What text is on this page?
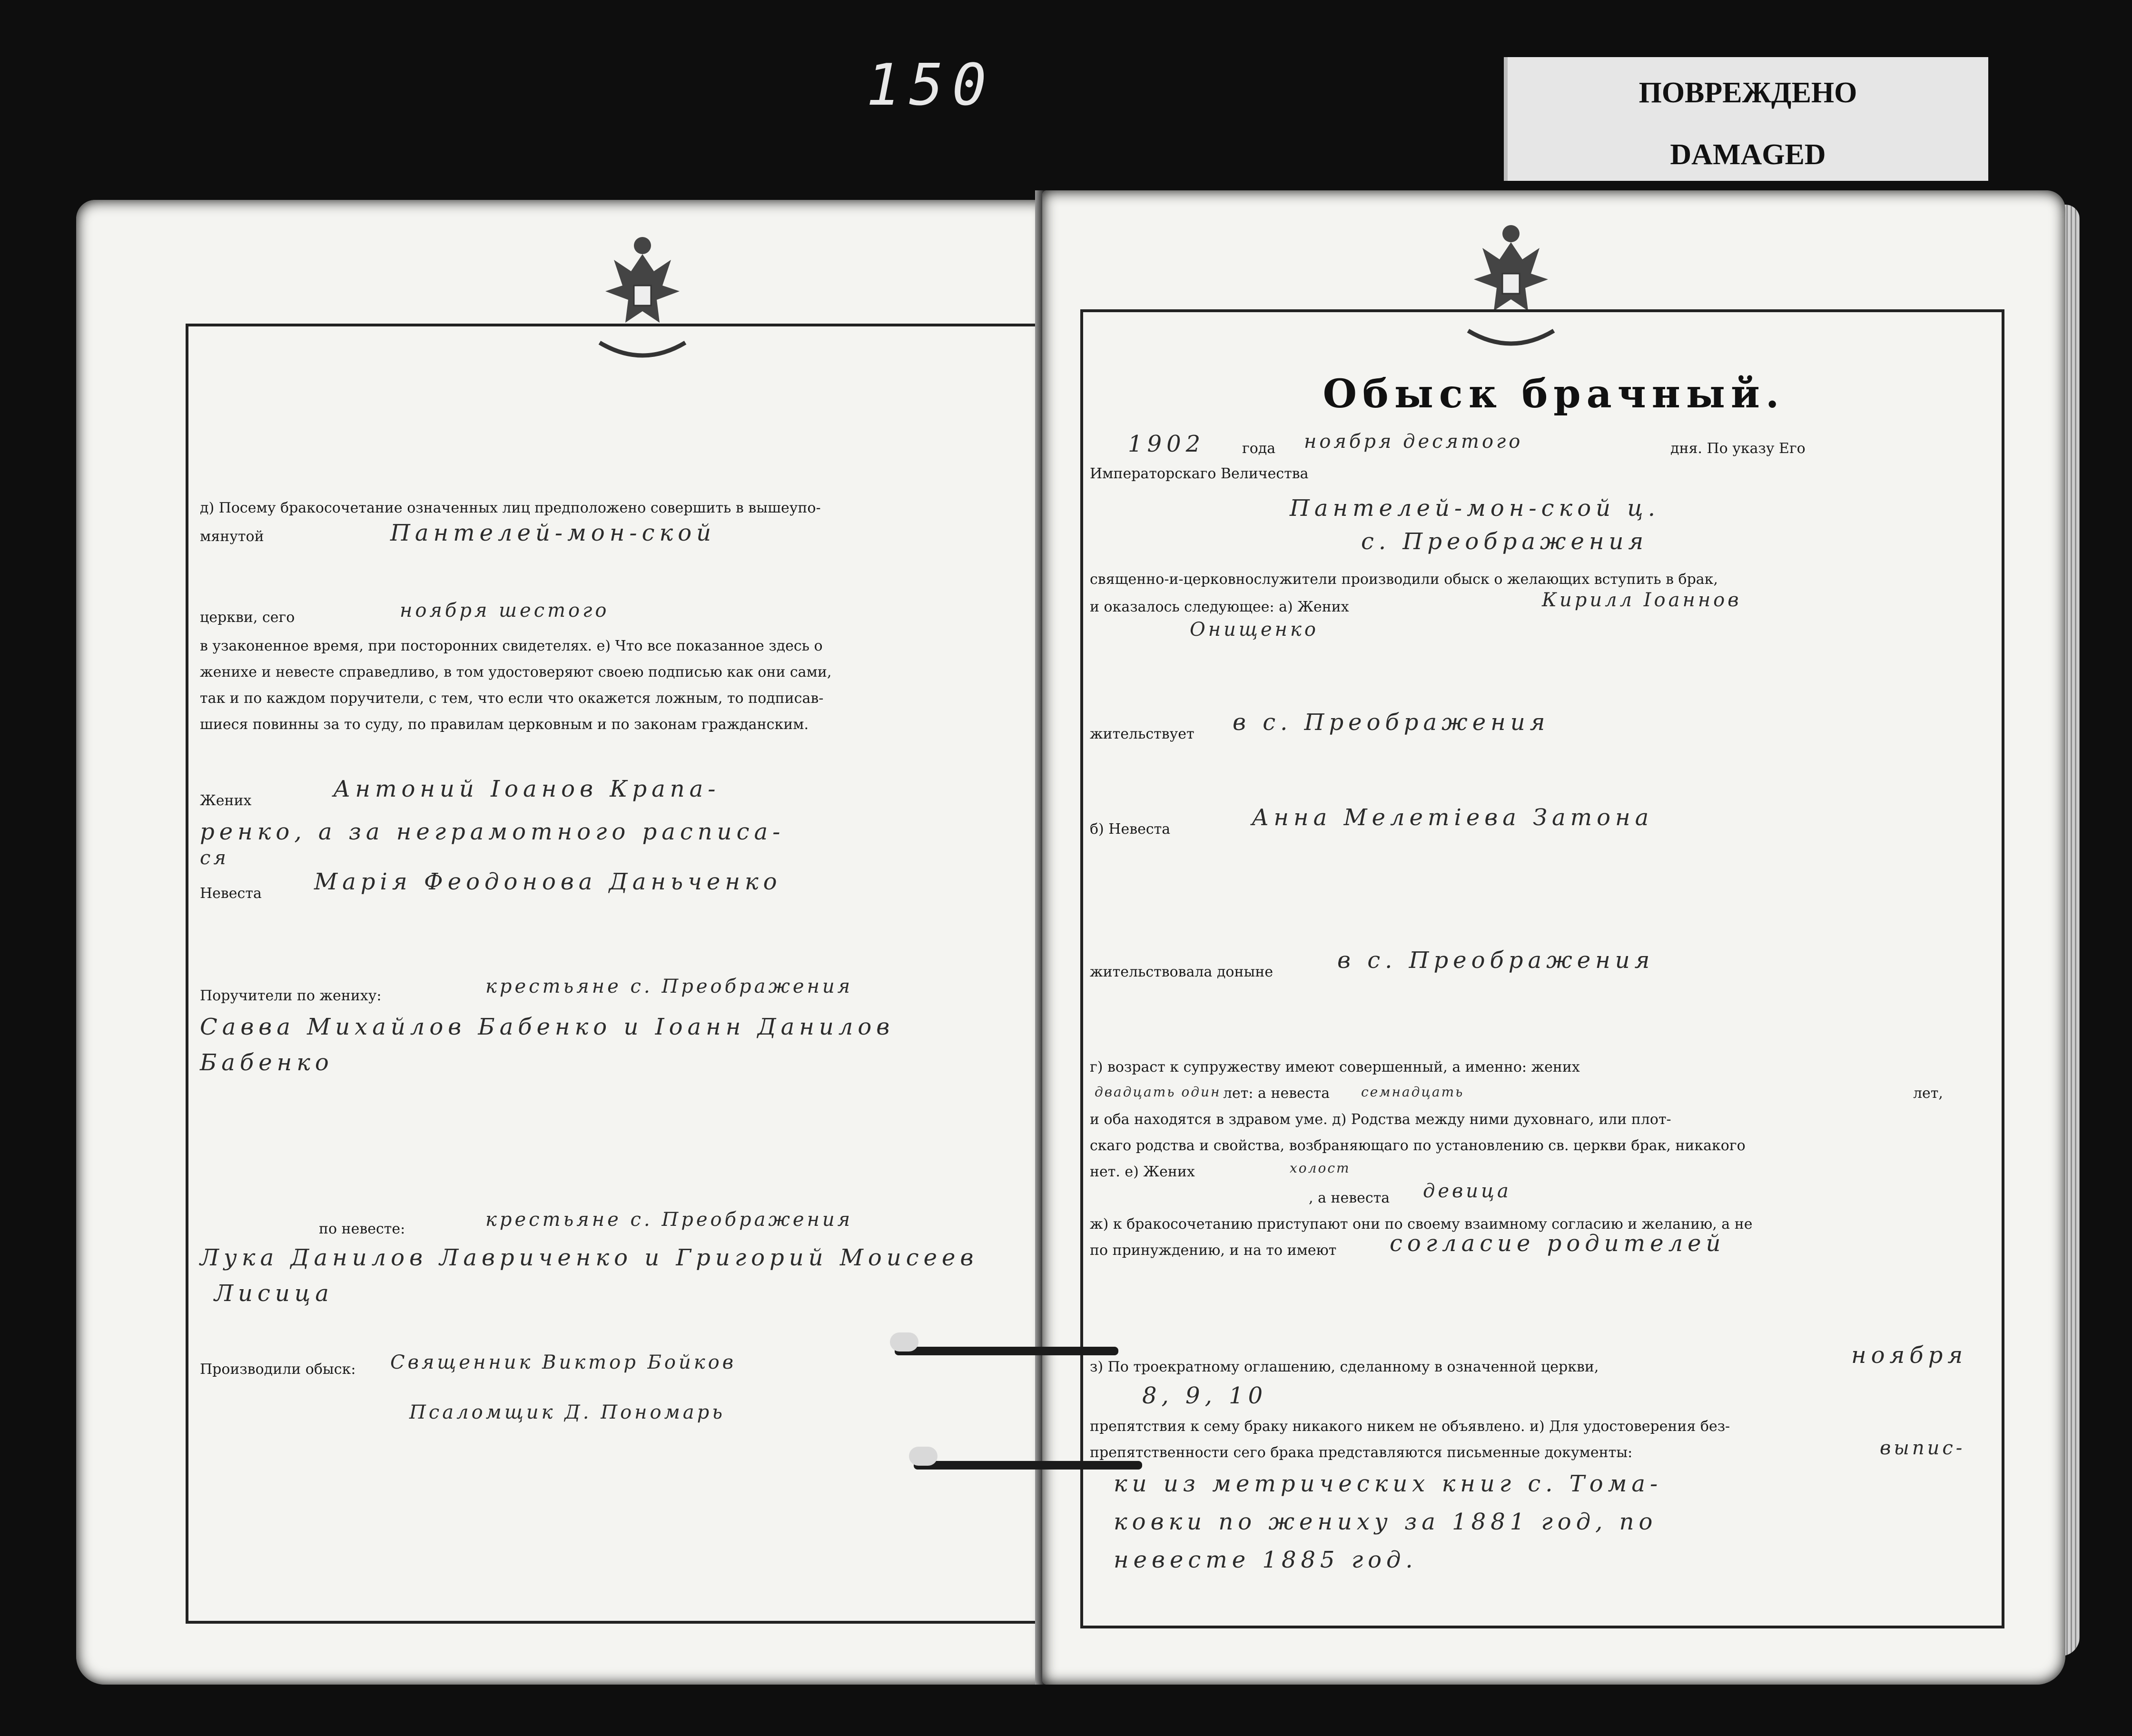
150	ПОВРЕЖДЕНО
DAMAGED
д) Посему бракосочетание означенных лиц предположено совершить в вышеупо-
мянутой	Пантелей-мон-ской
церкви, сего	ноября шестого
в узаконенное время, при посторонних свидетелях. е) Что все показанное здесь о
женихе и невесте справедливо, в том удостоверяют своею подписью как они сами,
так и по каждом поручители, с тем, что если что окажется ложным, то подписав-
шиеся повинны за то суду, по правилам церковным и по законам гражданским.
Жених	Антоний Іоанов Крапа-
ренко, а за неграмотного расписа-
ся
Невеста Марія Феодонова Даньченко
Поручители по жениху:	крестьяне с. Преображения
Савва Михайлов Бабенко и Іоанн Данилов
Бабенко
по невесте:	крестьяне с. Преображения
Лука Данилов Лавриченко и Григорий Моисеев
Лисица
Производили обыск: Священник Виктор Бойков
Псаломщик Д. Пономарь
Обыск брачный.
1902	года ноября десятого	дня. По указу Его
Императорскаго Величества
Пантелей-мон-ской ц.
с. Преображения
священно-и-церковнослужители производили обыск о желающих вступить в брак,
и оказалось следующее: а) Жених	Кирилл Іоаннов
Онищенко
жительствует в с. Преображения
б) Невеста	Анна Мелетіева Затона
жительствовала доныне	в с. Преображения
г) возраст к супружеству имеют совершенный, а именно: жених
лет,
двадцать один лет: а невеста семнадцать
и оба находятся в здравом уме. д) Родства между ними духовнаго, или плот-
скаго родства и свойства, возбраняющаго по установлению св. церкви брак, никакого
нет. е) Жених	холост
, а невеста девица
ж) к бракосочетанию приступают они по своему взаимному согласию и желанию, а не
по принуждению, и на то имеют согласие родителей
з) По троекратному оглашению, сделанному в означенной церкви,	ноября
8, 9, 10
препятствия к сему браку никакого никем не объявлено. и) Для удостоверения без-
препятственности сего брака представляются письменные документы:	выпис-
ки из метрических книг с. Тома-
ковки по жениху за 1881 год, по
невесте 1885 год.
